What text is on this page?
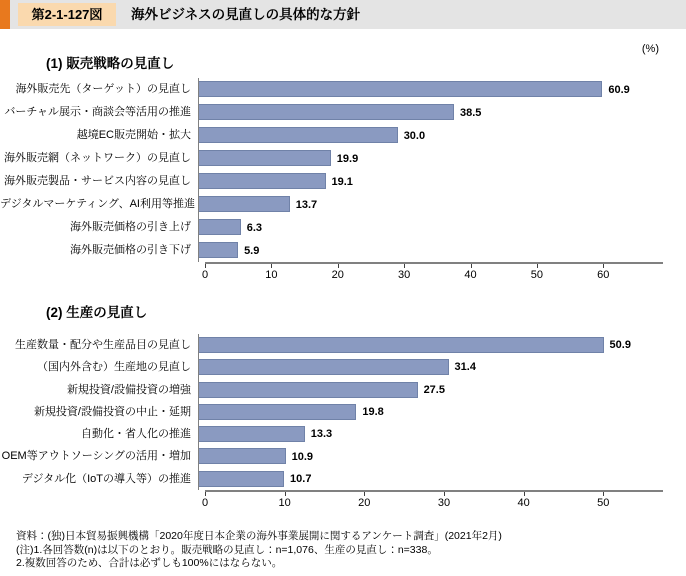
第2-1-127図	海外ビジネスの見直しの具体的な方針
(%)
(1) 販売戦略の見直し
海外販売先（ターゲット）の見直し	60.9
バーチャル展示・商談会等活用の推進	38.5
越境EC販売開始・拡大	30.0
海外販売網（ネットワーク）の見直し	19.9
海外販売製品・サービス内容の見直し	19.1
デジタルマーケティング、AI利用等推進	13.7
海外販売価格の引き上げ	6.3
海外販売価格の引き下げ	5.9
0	10	20	30	40	50	60
(2) 生産の見直し
生産数量・配分や生産品目の見直し	50.9
（国内外含む）生産地の見直し	31.4
新規投資/設備投資の増強	27.5
新規投資/設備投資の中止・延期	19.8
自動化・省人化の推進	13.3
OEM等アウトソーシングの活用・増加	10.9
デジタル化（IoTの導入等）の推進	10.7
0	10	20	30	40	50
資料：(独)日本貿易振興機構「2020年度日本企業の海外事業展開に関するアンケート調査」(2021年2月)
(注)1.各回答数(n)は以下のとおり。販売戦略の見直し：n=1,076、生産の見直し：n=338。
2.複数回答のため、合計は必ずしも100%にはならない。
